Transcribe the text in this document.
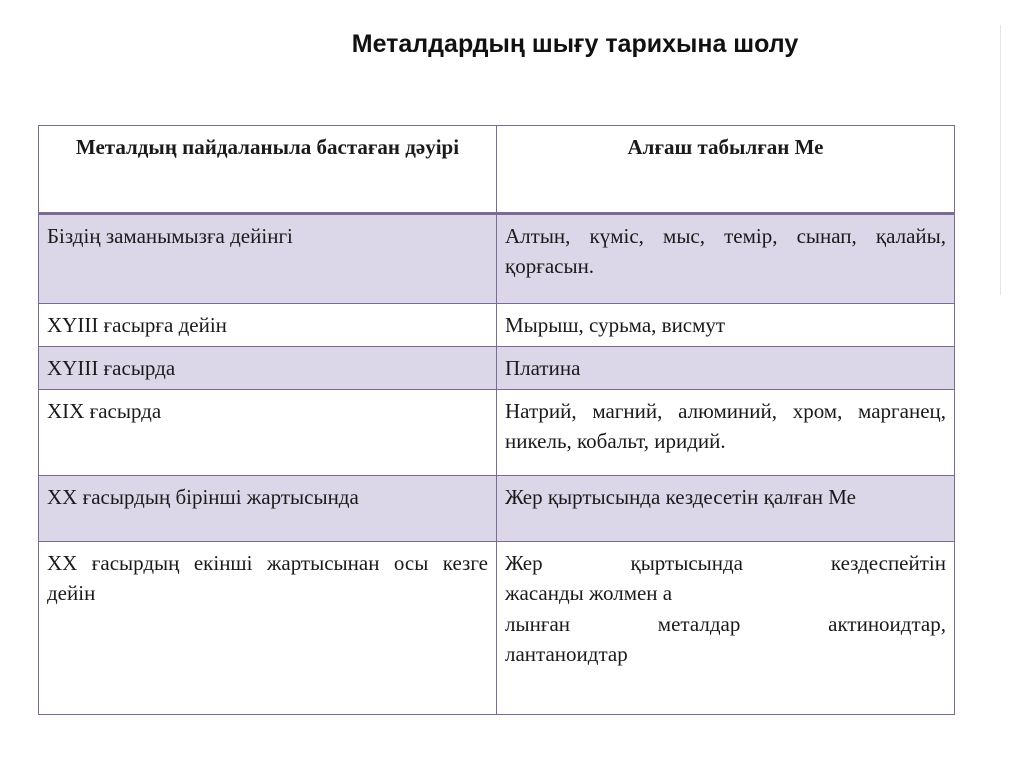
Металдардың шығу тарихына шолу
Металдың пайдаланыла бастаған дәуірі	Алғаш табылған Ме
Біздің заманымызға дейінгі	Алтын, күміс, мыс, темір, сынап, қалайы, қорғасын.
XYIII ғасырға дейін	Мырыш, сурьма, висмут
XYIII ғасырда	Платина
XIX ғасырда	Натрий, магний, алюминий, хром, марганец, никель, кобальт, иридий.
XX ғасырдың бірінші жартысында	Жер қыртысында кездесетін қалған Ме
XX ғасырдың екінші жартысынан осы кезге дейін	Жер қыртысында кездеспейтін
жасанды жолмен а
лынған металдар актиноидтар,
лантаноидтар
